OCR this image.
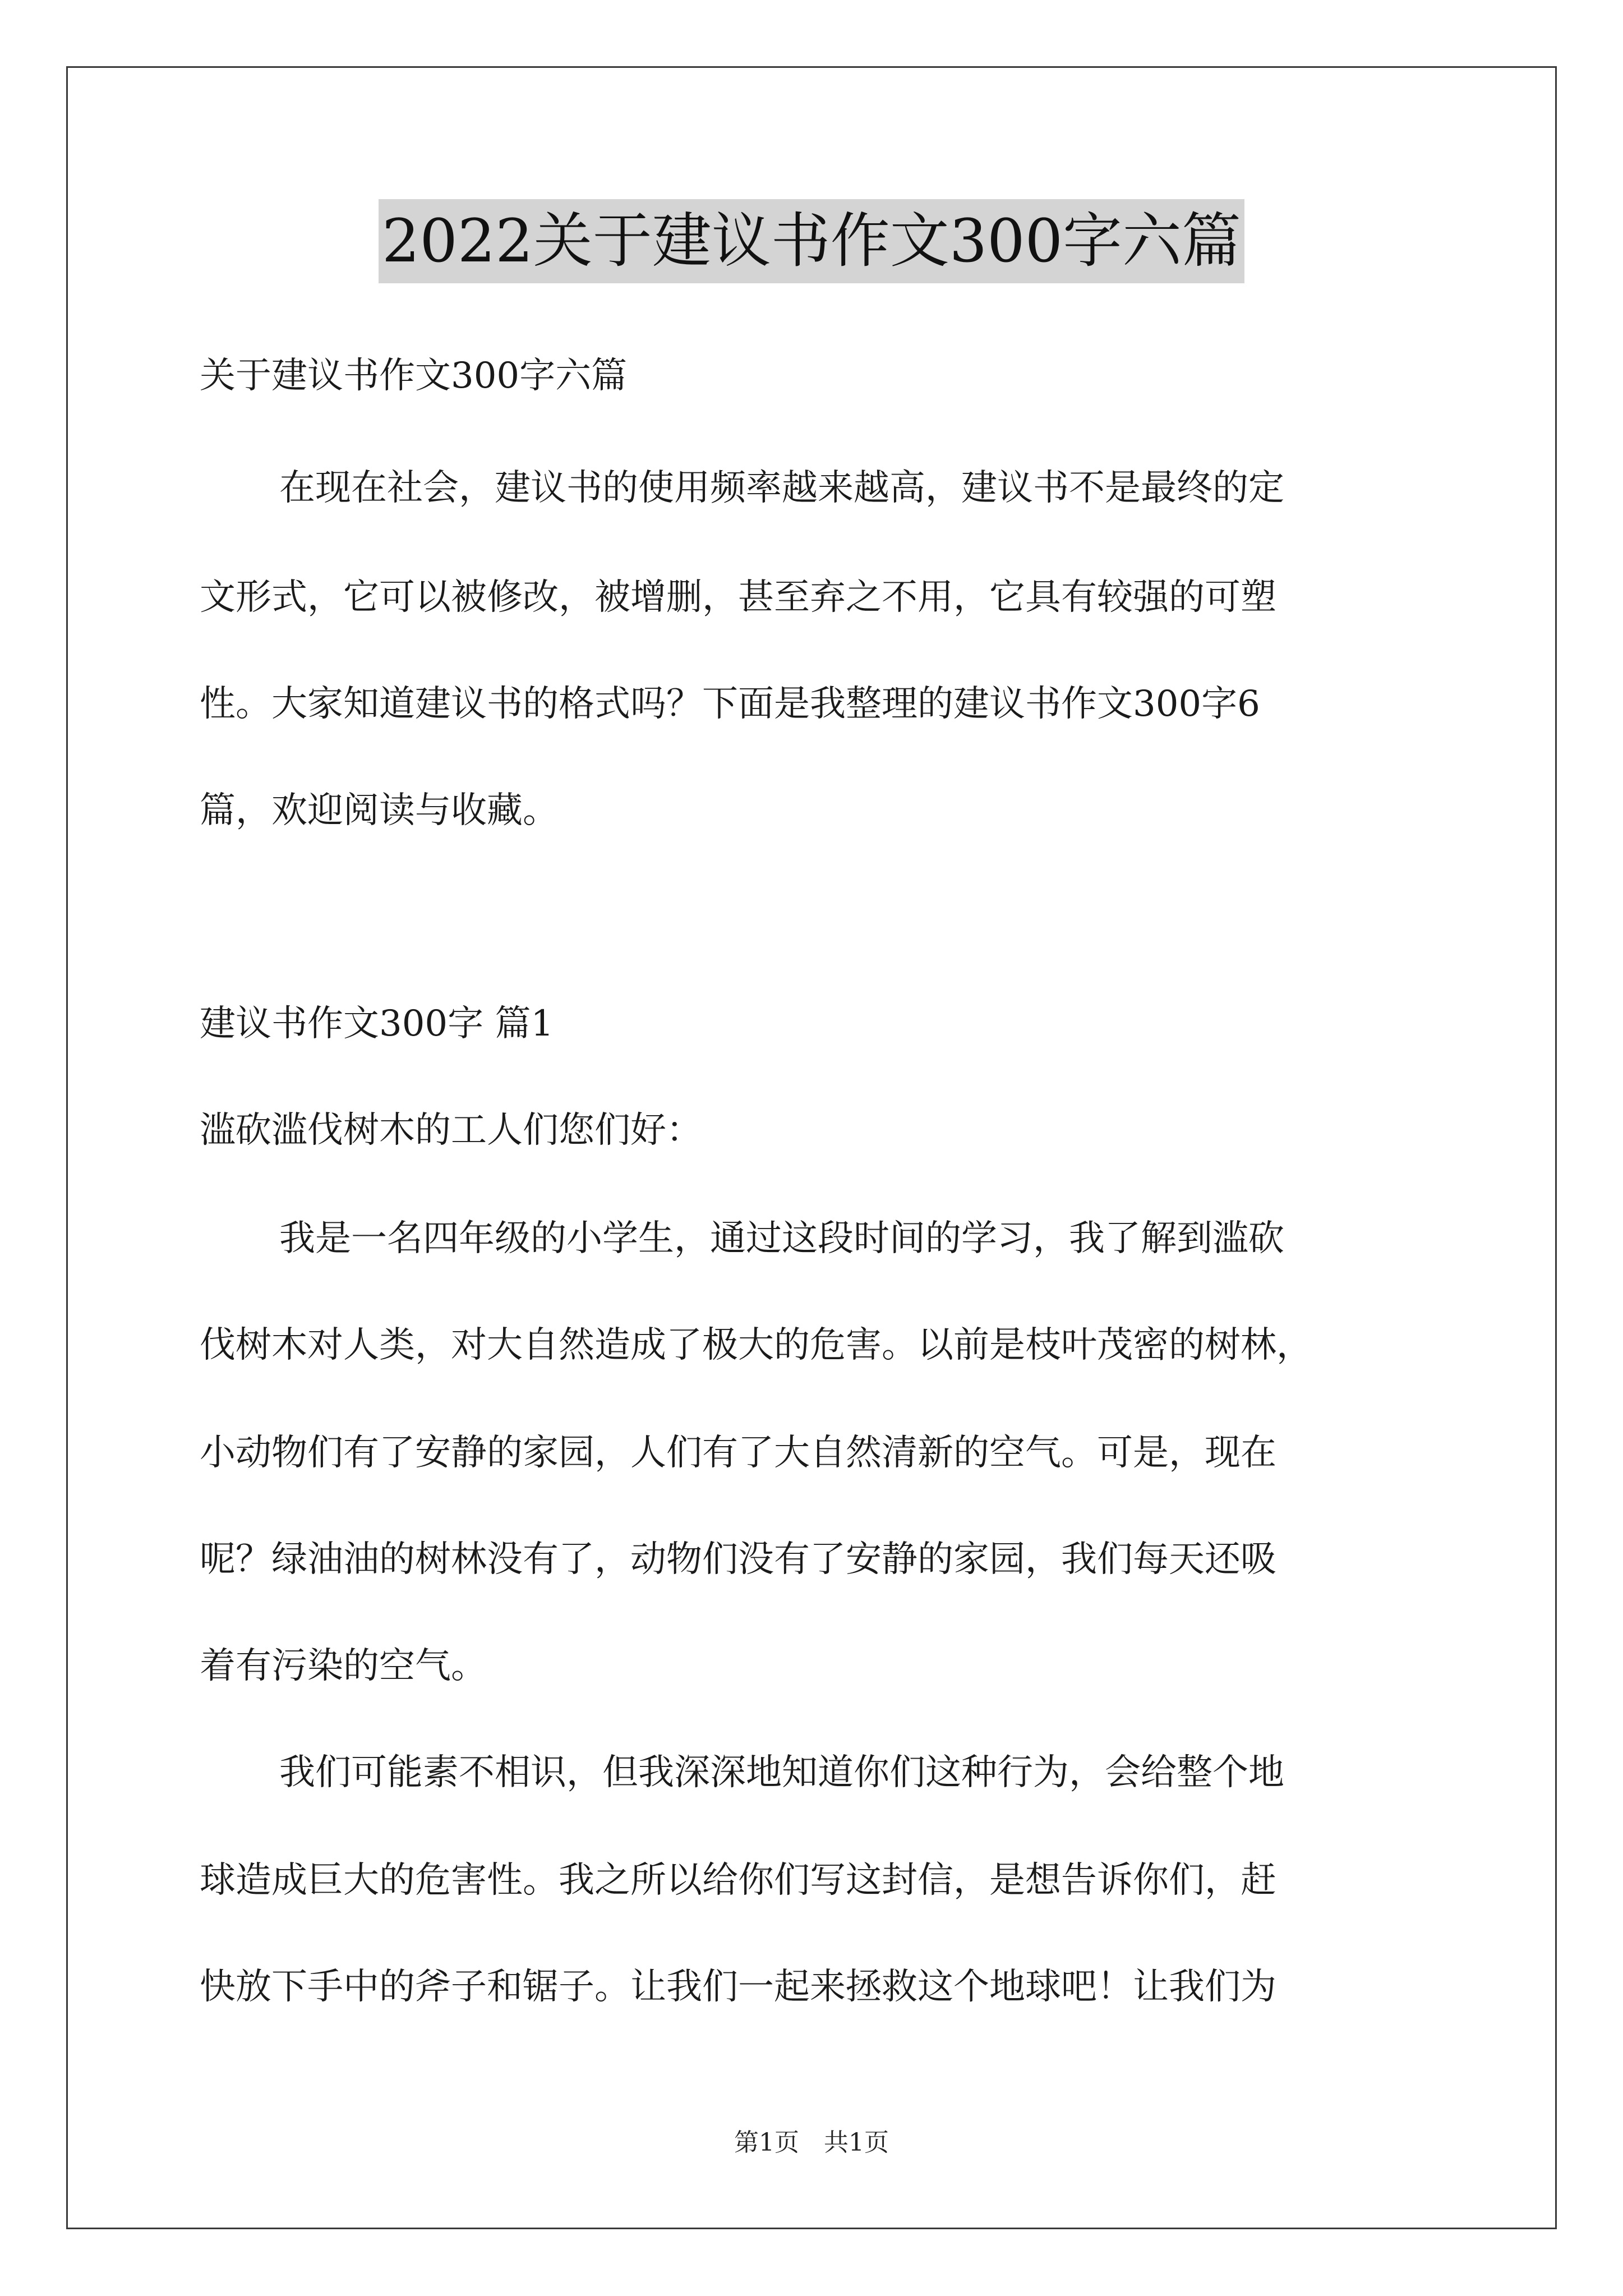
2022关于建议书作文300字六篇
关于建议书作文300字六篇
在现在社会，建议书的使用频率越来越高，建议书不是最终的定
文形式，它可以被修改，被增删，甚至弃之不用，它具有较强的可塑
性。大家知道建议书的格式吗？下面是我整理的建议书作文300字6
篇，欢迎阅读与收藏。
建议书作文300字 篇1
滥砍滥伐树木的工人们您们好：
我是一名四年级的小学生，通过这段时间的学习，我了解到滥砍
伐树木对人类，对大自然造成了极大的危害。以前是枝叶茂密的树林，
小动物们有了安静的家园，人们有了大自然清新的空气。可是，现在
呢？绿油油的树林没有了，动物们没有了安静的家园，我们每天还吸
着有污染的空气。
我们可能素不相识，但我深深地知道你们这种行为，会给整个地
球造成巨大的危害性。我之所以给你们写这封信，是想告诉你们，赶
快放下手中的斧子和锯子。让我们一起来拯救这个地球吧！让我们为
第1页 共1页
